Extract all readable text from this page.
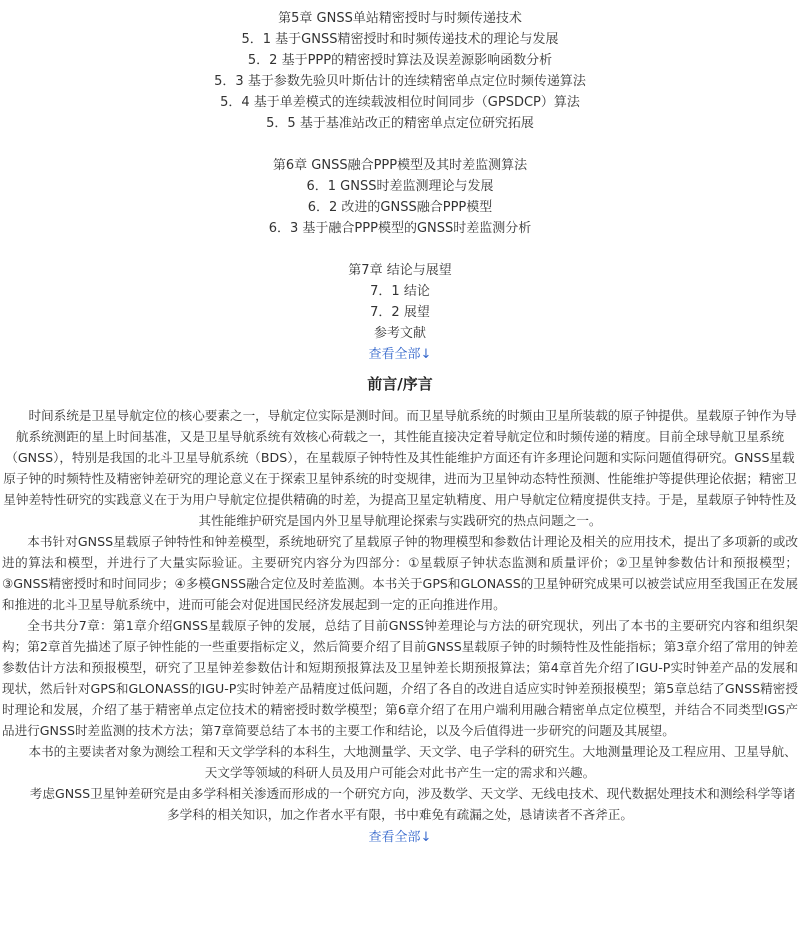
第5章 GNSS单站精密授时与时频传递技术
5．1 基于GNSS精密授时和时频传递技术的理论与发展
5．2 基于PPP的精密授时算法及误差源影响函数分析
5．3 基于参数先验贝叶斯估计的连续精密单点定位时频传递算法
5．4 基于单差模式的连续载波相位时间同步（GPSDCP）算法
5．5 基于基准站改正的精密单点定位研究拓展
第6章 GNSS融合PPP模型及其时差监测算法
6．1 GNSS时差监测理论与发展
6．2 改进的GNSS融合PPP模型
6．3 基于融合PPP模型的GNSS时差监测分析
第7章 结论与展望
7．1 结论
7．2 展望
参考文献
查看全部↓
前言/序言

时间系统是卫星导航定位的核心要素之一，导航定位实际是测时间。而卫星导航系统的时频由卫星所装载的原子钟提供。星载原子钟作为导航系统测距的星上时间基准，又是卫星导航系统有效核心荷载之一，其性能直接决定着导航定位和时频传递的精度。目前全球导航卫星系统（GNSS），特别是我国的北斗卫星导航系统（BDS），在星载原子钟特性及其性能维护方面还有许多理论问题和实际问题值得研究。GNSS星载原子钟的时频特性及精密钟差研究的理论意义在于探索卫星钟系统的时变规律，进而为卫星钟动态特性预测、性能维护等提供理论依据；精密卫星钟差特性研究的实践意义在于为用户导航定位提供精确的时差，为提高卫星定轨精度、用户导航定位精度提供支持。于是，星载原子钟特性及其性能维护研究是国内外卫星导航理论探索与实践研究的热点问题之一。

本书针对GNSS星载原子钟特性和钟差模型，系统地研究了星载原子钟的物理模型和参数估计理论及相关的应用技术，提出了多项新的或改进的算法和模型，并进行了大量实际验证。主要研究内容分为四部分：①星载原子钟状态监测和质量评价；②卫星钟参数估计和预报模型；③GNSS精密授时和时间同步；④多模GNSS融合定位及时差监测。本书关于GPS和GLONASS的卫星钟研究成果可以被尝试应用至我国正在发展和推进的北斗卫星导航系统中，进而可能会对促进国民经济发展起到一定的正向推进作用。

全书共分7章：第1章介绍GNSS星载原子钟的发展，总结了目前GNSS钟差理论与方法的研究现状，列出了本书的主要研究内容和组织架构；第2章首先描述了原子钟性能的一些重要指标定义，然后简要介绍了目前GNSS星载原子钟的时频特性及性能指标；第3章介绍了常用的钟差参数估计方法和预报模型，研究了卫星钟差参数估计和短期预报算法及卫星钟差长期预报算法；第4章首先介绍了IGU-P实时钟差产品的发展和现状，然后针对GPS和GLONASS的IGU-P实时钟差产品精度过低问题，介绍了各自的改进自适应实时钟差预报模型；第5章总结了GNSS精密授时理论和发展，介绍了基于精密单点定位技术的精密授时数学模型；第6章介绍了在用户端利用融合精密单点定位模型，并结合不同类型IGS产品进行GNSS时差监测的技术方法；第7章简要总结了本书的主要工作和结论，以及今后值得进一步研究的问题及其展望。

本书的主要读者对象为测绘工程和天文学学科的本科生，大地测量学、天文学、电子学科的研究生。大地测量理论及工程应用、卫星导航、天文学等领域的科研人员及用户可能会对此书产生一定的需求和兴趣。

考虑GNSS卫星钟差研究是由多学科相关渗透而形成的一个研究方向，涉及数学、天文学、无线电技术、现代数据处理技术和测绘科学等诸多学科的相关知识，加之作者水平有限，书中难免有疏漏之处，恳请读者不吝斧正。

查看全部↓
